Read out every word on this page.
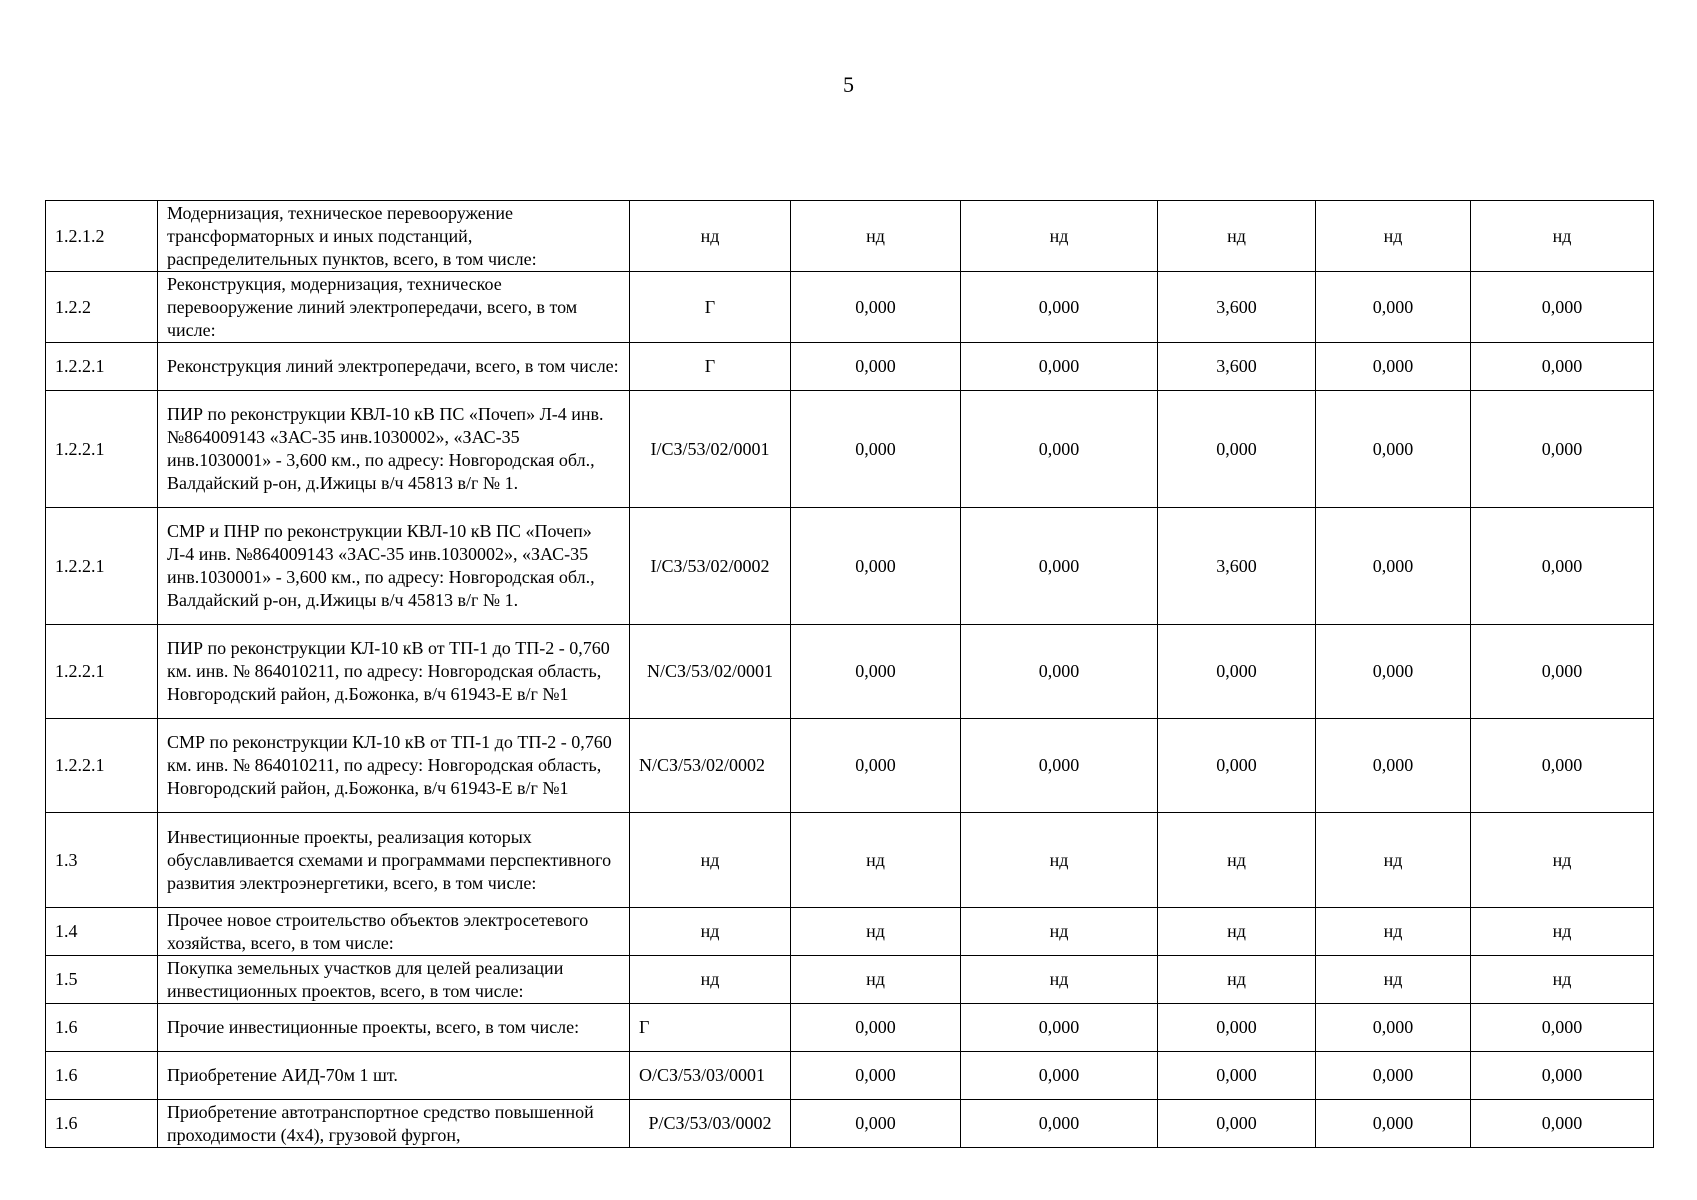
5
1.2.1.2	Модернизация, техническое перевооружение трансформаторных и иных подстанций, распределительных пунктов, всего, в том числе:	нд	нд	нд	нд	нд	нд
1.2.2	Реконструкция, модернизация, техническое перевооружение линий электропередачи, всего, в том числе:	Г	0,000	0,000	3,600	0,000	0,000
1.2.2.1	Реконструкция линий электропередачи, всего, в том числе:	Г	0,000	0,000	3,600	0,000	0,000
1.2.2.1	ПИР по реконструкции КВЛ-10 кВ ПС «Почеп» Л-4 инв. №864009143 «ЗАС-35 инв.1030002», «ЗАС-35 инв.1030001» - 3,600 км., по адресу: Новгородская обл., Валдайский р-он, д.Ижицы в/ч 45813 в/г № 1.	I/СЗ/53/02/0001	0,000	0,000	0,000	0,000	0,000
1.2.2.1	СМР и ПНР по реконструкции КВЛ-10 кВ ПС «Почеп» Л-4 инв. №864009143 «ЗАС-35 инв.1030002», «ЗАС-35 инв.1030001» - 3,600 км., по адресу: Новгородская обл., Валдайский р-он, д.Ижицы в/ч 45813 в/г № 1.	I/СЗ/53/02/0002	0,000	0,000	3,600	0,000	0,000
1.2.2.1	ПИР по реконструкции КЛ-10 кВ от ТП-1 до ТП-2 - 0,760 км. инв. № 864010211, по адресу: Новгородская область, Новгородский район, д.Божонка, в/ч 61943-Е в/г №1	N/СЗ/53/02/0001	0,000	0,000	0,000	0,000	0,000
1.2.2.1	СМР по реконструкции КЛ-10 кВ от ТП-1 до ТП-2 - 0,760 км. инв. № 864010211, по адресу: Новгородская область, Новгородский район, д.Божонка, в/ч 61943-Е в/г №1	N/СЗ/53/02/0002	0,000	0,000	0,000	0,000	0,000
1.3	Инвестиционные проекты, реализация которых обуславливается схемами и программами перспективного развития электроэнергетики, всего, в том числе:	нд	нд	нд	нд	нд	нд
1.4	Прочее новое строительство объектов электросетевого хозяйства, всего, в том числе:	нд	нд	нд	нд	нд	нд
1.5	Покупка земельных участков для целей реализации инвестиционных проектов, всего, в том числе:	нд	нд	нд	нд	нд	нд
1.6	Прочие инвестиционные проекты, всего, в том числе:	Г	0,000	0,000	0,000	0,000	0,000
1.6	Приобретение АИД-70м 1 шт.	O/СЗ/53/03/0001	0,000	0,000	0,000	0,000	0,000
1.6	Приобретение автотранспортное средство повышенной проходимости (4х4), грузовой фургон,	P/СЗ/53/03/0002	0,000	0,000	0,000	0,000	0,000
